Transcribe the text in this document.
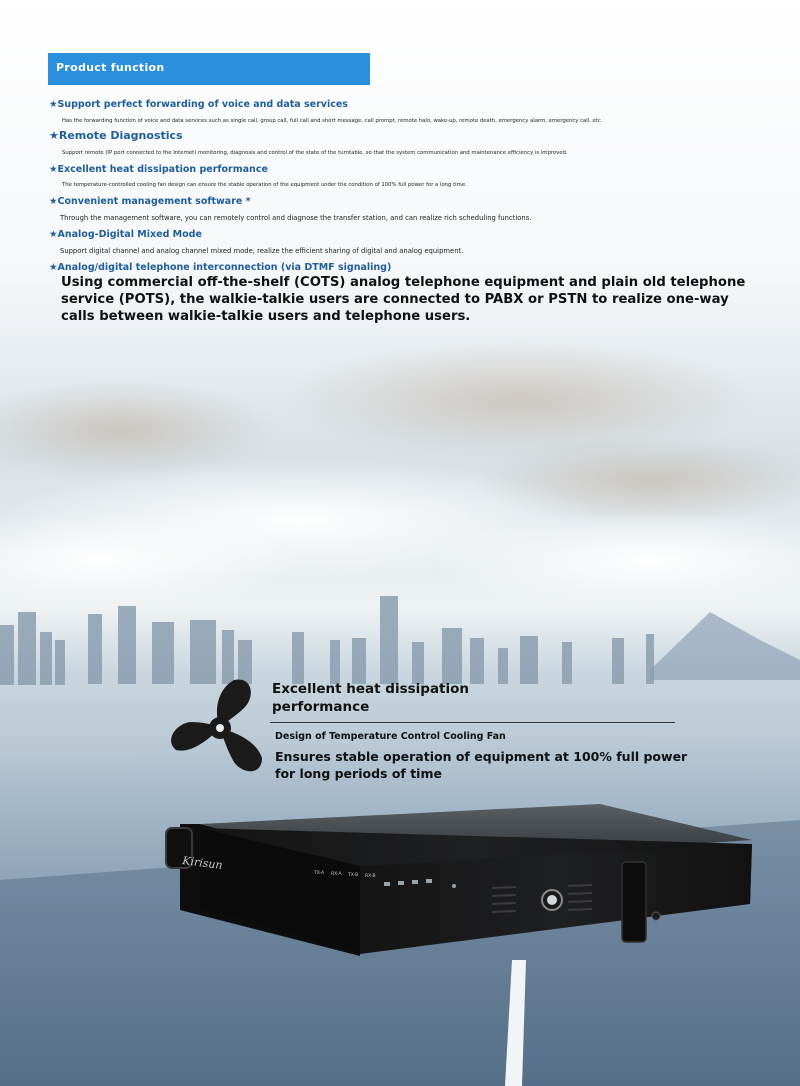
Product function
★Support perfect forwarding of voice and data services
Has the forwarding function of voice and data services such as single call, group call, full call and short message, call prompt, remote halo, wake-up, remote death, emergency alarm, emergency call, etc.
★Remote Diagnostics
Support remote (IP port connected to the Internet) monitoring, diagnosis and control of the state of the turntable, so that the system communication and maintenance efficiency is improved.
★Excellent heat dissipation performance
The temperature-controlled cooling fan design can ensure the stable operation of the equipment under the condition of 100% full power for a long time.
★Convenient management software *
Through the management software, you can remotely control and diagnose the transfer station, and can realize rich scheduling functions.
★Analog-Digital Mixed Mode
Support digital channel and analog channel mixed mode, realize the efficient sharing of digital and analog equipment.
★Analog/digital telephone interconnection (via DTMF signaling)
Using commercial off-the-shelf (COTS) analog telephone equipment and plain old telephone service (POTS), the walkie-talkie users are connected to PABX or PSTN to realize one-way calls between walkie-talkie users and telephone users.
Excellent heat dissipation performance
Design of Temperature Control Cooling Fan
Ensures stable operation of equipment at 100% full power for long periods of time
Kirisun
TX-A RX-A TX-B RX-B
